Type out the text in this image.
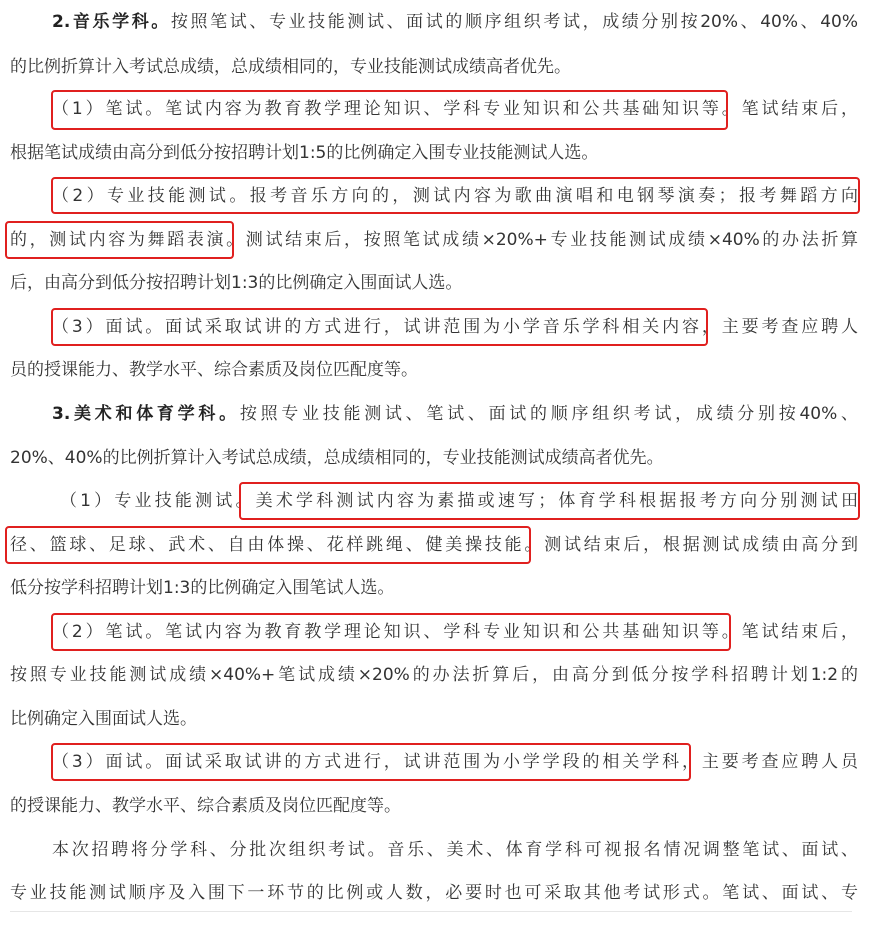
2.音乐学科。按照笔试、专业技能测试、面试的顺序组织考试，成绩分别按20%、40%、40%
的比例折算计入考试总成绩，总成绩相同的，专业技能测试成绩高者优先。
（1）笔试。笔试内容为教育教学理论知识、学科专业知识和公共基础知识等。笔试结束后，
根据笔试成绩由高分到低分按招聘计划1:5的比例确定入围专业技能测试人选。
（2）专业技能测试。报考音乐方向的，测试内容为歌曲演唱和电钢琴演奏；报考舞蹈方向
的，测试内容为舞蹈表演。测试结束后，按照笔试成绩×20%+专业技能测试成绩×40%的办法折算
后，由高分到低分按招聘计划1:3的比例确定入围面试人选。
（3）面试。面试采取试讲的方式进行，试讲范围为小学音乐学科相关内容，主要考查应聘人
员的授课能力、教学水平、综合素质及岗位匹配度等。
3.美术和体育学科。按照专业技能测试、笔试、面试的顺序组织考试，成绩分别按40%、
20%、40%的比例折算计入考试总成绩，总成绩相同的，专业技能测试成绩高者优先。
（1）专业技能测试。美术学科测试内容为素描或速写；体育学科根据报考方向分别测试田
径、篮球、足球、武术、自由体操、花样跳绳、健美操技能。测试结束后，根据测试成绩由高分到
低分按学科招聘计划1:3的比例确定入围笔试人选。
（2）笔试。笔试内容为教育教学理论知识、学科专业知识和公共基础知识等。笔试结束后，
按照专业技能测试成绩×40%+笔试成绩×20%的办法折算后，由高分到低分按学科招聘计划1:2的
比例确定入围面试人选。
（3）面试。面试采取试讲的方式进行，试讲范围为小学学段的相关学科，主要考查应聘人员
的授课能力、教学水平、综合素质及岗位匹配度等。
本次招聘将分学科、分批次组织考试。音乐、美术、体育学科可视报名情况调整笔试、面试、
专业技能测试顺序及入围下一环节的比例或人数，必要时也可采取其他考试形式。笔试、面试、专
